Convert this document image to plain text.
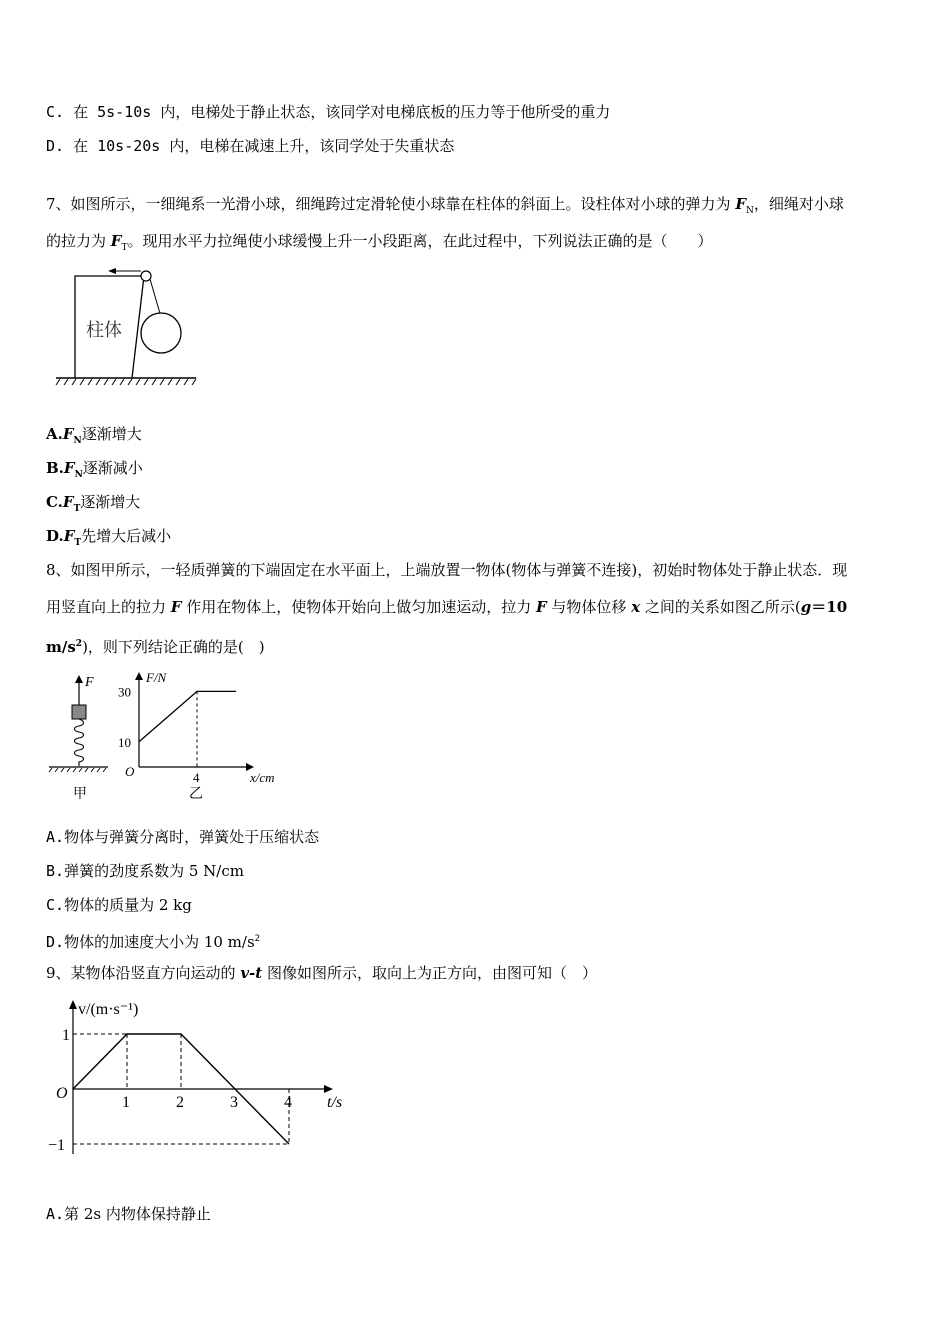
C. 在 5s-10s 内，电梯处于静止状态，该同学对电梯底板的压力等于他所受的重力
D. 在 10s-20s 内，电梯在减速上升，该同学处于失重状态
7、如图所示，一细绳系一光滑小球，细绳跨过定滑轮使小球靠在柱体的斜面上。设柱体对小球的弹力为 $F_N$，细绳对小球
的拉力为 $F_T$。现用水平力拉绳使小球缓慢上升一小段距离，在此过程中，下列说法正确的是（　　）
柱体
$A.F_N$逐渐增大
$B.F_N$逐渐减小
$C.F_T$逐渐增大
$D.F_T$先增大后减小
8、如图甲所示，一轻质弹簧的下端固定在水平面上，上端放置一物体(物体与弹簧不连接)，初始时物体处于静止状态．现
用竖直向上的拉力 F 作用在物体上，使物体开始向上做匀加速运动，拉力 F 与物体位移 x 之间的关系如图乙所示(g＝10
$m/s^2$)，则下列结论正确的是(　)
F
甲
F/N
x/cm
O
10
30
4
乙
A.物体与弹簧分离时，弹簧处于压缩状态
B.弹簧的劲度系数为 5 N/cm
C.物体的质量为 2 kg
D.物体的加速度大小为 10 $m/s^2$
9、某物体沿竖直方向运动的 v-t 图像如图所示，取向上为正方向，由图可知（　）
v/(m·s⁻¹)
t/s
O
1
−1
1	2	3	4
A.第 2s 内物体保持静止
